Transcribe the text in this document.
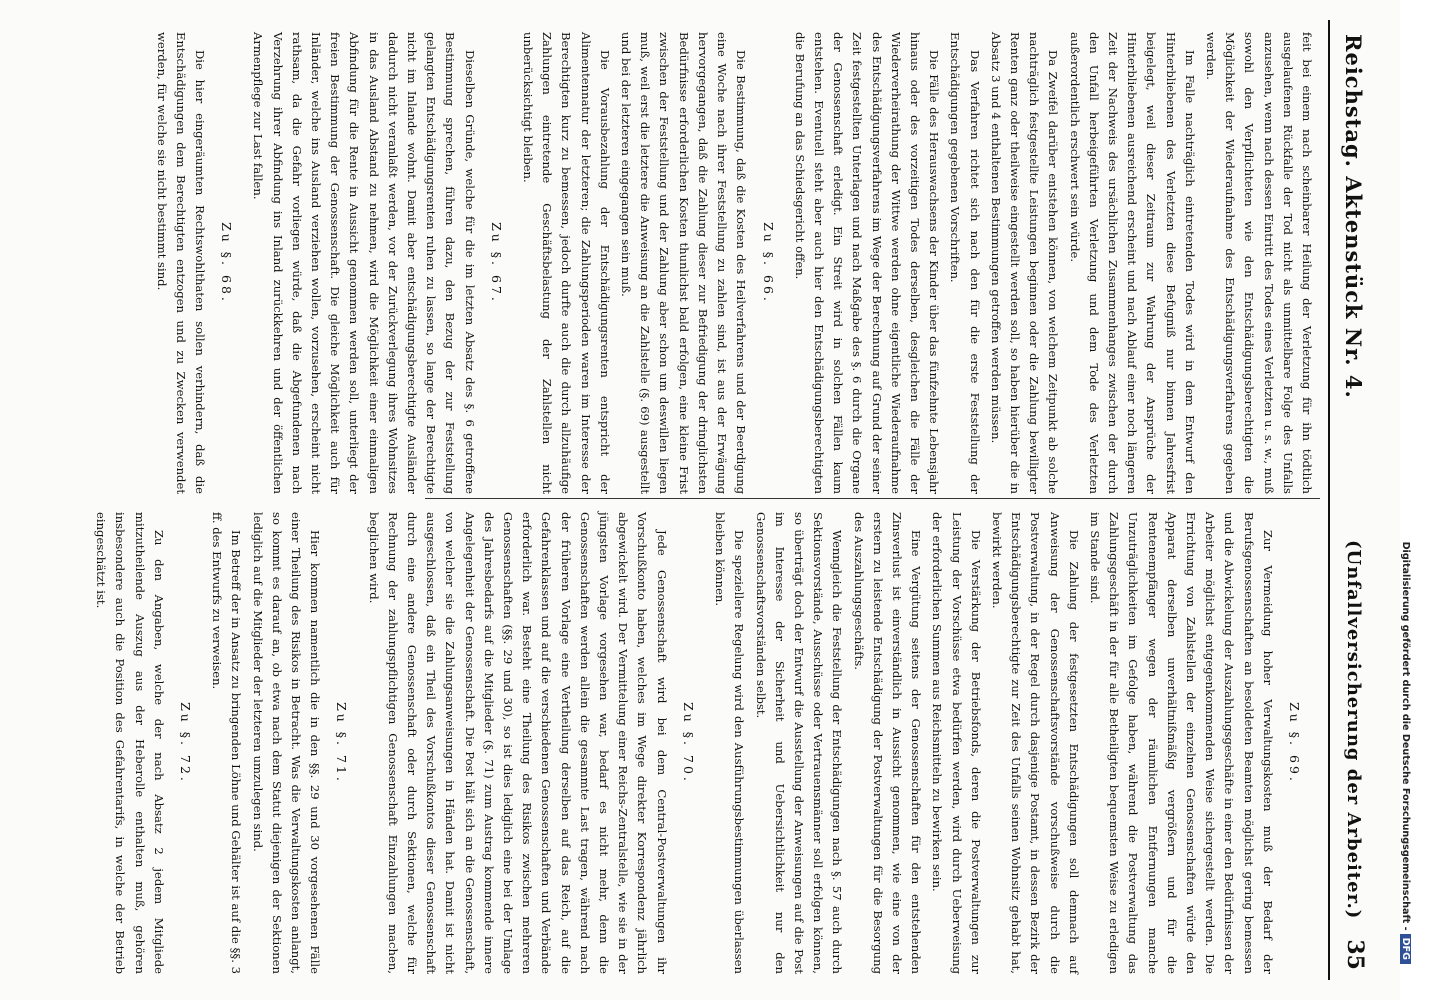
Reichstag. Aktenstück Nr. 4.
(Unfallversicherung der Arbeiter.)
35

feit bei einem nach scheinbarer Heilung der Verletzung für ihn tödtlich ausgelaufenen Rückfalle der Tod nicht als unmittelbare Folge des Unfalls anzusehen, wenn nach dessen Eintritt des Todes eines Verletzten u. s. w., muß sowohl den Verpflichteten wie den Entschädigungsberechtigten die Möglichkeit der Wiederaufnahme des Entschädigungsverfahrens gegeben werden.

Im Falle nachträglich eintretenden Todes wird in dem Entwurf den Hinterbliebenen des Verletzten diese Befugniß nur binnen Jahresfrist beigelegt, weil dieser Zeitraum zur Wahrung der Ansprüche der Hinterbliebenen ausreichend erscheint und nach Ablauf einer noch längeren Zeit der Nachweis des ursächlichen Zusammenhanges zwischen der durch den Unfall herbeigeführten Verletzung und dem Tode des Verletzten außerordentlich erschwert sein würde.

Da Zweifel darüber entstehen können, von welchem Zeitpunkt ab solche nachträglich festgestellte Leistungen beginnen oder die Zahlung bewilligter Renten ganz oder theilweise eingestellt werden soll, so haben hierüber die in Absatz 3 und 4 enthaltenen Bestimmungen getroffen werden müssen.

Das Verfahren richtet sich nach den für die erste Feststellung der Entschädigungen gegebenen Vorschriften.

Die Fälle des Herauswachsens der Kinder über das fünfzehnte Lebensjahr hinaus oder des vorzeitigen Todes derselben, desgleichen die Fälle der Wiederverheirathung der Wittwe werden ohne eigentliche Wiederaufnahme des Entschädigungsverfahrens im Wege der Berechnung auf Grund der seiner Zeit festgestellten Unterlagen und nach Maßgabe des §. 6 durch die Organe der Genossenschaft erledigt. Ein Streit wird in solchen Fällen kaum entstehen. Eventuell steht aber auch hier den Entschädigungsberechtigten die Berufung an das Schiedsgericht offen.

Zu §. 66.

Die Bestimmung, daß die Kosten des Heilverfahrens und der Beerdigung eine Woche nach ihrer Feststellung zu zahlen sind, ist aus der Erwägung hervorgegangen, daß die Zahlung dieser zur Befriedigung der dringlichsten Bedürfnisse erforderlichen Kosten thunlichst bald erfolgen, eine kleine Frist zwischen der Feststellung und der Zahlung aber schon um deswillen liegen muß, weil erst die letztere die Anweisung an die Zahlstelle (§. 69) ausgestellt und bei der letzteren eingegangen sein muß.

Die Vorausbezahlung der Entschädigungsrenten entspricht der Alimentennatur der letzteren; die Zahlungsperioden waren im Interesse der Berechtigten kurz zu bemessen, jedoch durfte auch die durch allzuhäufige Zahlungen eintretende Geschäftsbelastung der Zahlstellen nicht unberücksichtigt bleiben.

Zu §. 67.

Dieselben Gründe, welche für die im letzten Absatz des §. 6 getroffene Bestimmung sprechen, führen dazu, den Bezug der zur Feststellung gelangten Entschädigungsrenten ruhen zu lassen, so lange der Berechtigte nicht im Inlande wohnt. Damit aber entschädigungsberechtigte Ausländer dadurch nicht veranlaßt werden, vor der Zurückverlegung ihres Wohnsitzes in das Ausland Abstand zu nehmen, wird die Möglichkeit einer einmaligen Abfindung für die Rente in Aussicht genommen werden soll, unterliegt der freien Bestimmung der Genossenschaft. Die gleiche Möglichkeit auch für Inländer, welche ins Ausland verziehen wollen, vorzusehen, erscheint nicht rathsam, da die Gefahr vorliegen würde, daß die Abgefundenen nach Verzehrung ihrer Abfindung ins Inland zurückkehren und der öffentlichen Armenpflege zur Last fallen.

Zu §. 68.

Die hier eingeräumten Rechtswohlthaten sollen verhindern, daß die Entschädigungen dem Berechtigten entzogen und zu Zwecken verwendet werden, für welche sie nicht bestimmt sind.

Zu §. 69.

Zur Vermeidung hoher Verwaltungskosten muß der Bedarf der Berufsgenossenschaften an besoldeten Beamten möglichst gering bemessen und die Abwickelung der Auszahlungsgeschäfte in einer den Bedürfnissen der Arbeiter möglichst entgegenkommenden Weise sichergestellt werden. Die Errichtung von Zahlstellen der einzelnen Genossenschaften würde den Apparat derselben unverhältnißmäßig vergrößern und für die Rentenempfänger wegen der räumlichen Entfernungen manche Unzuträglichkeiten im Gefolge haben, während die Postverwaltung das Zahlungsgeschäft in der für alle Betheiligten bequemsten Weise zu erledigen im Stande sind.

Die Zahlung der festgesetzten Entschädigungen soll demnach auf Anweisung der Genossenschaftsvorstände vorschußweise durch die Postverwaltung, in der Regel durch dasjenige Postamt, in dessen Bezirk der Entschädigungsberechtigte zur Zeit des Unfalls seinen Wohnsitz gehabt hat, bewirkt werden.

Die Verstärkung der Betriebsfonds, deren die Postverwaltungen zur Leistung der Vorschüsse etwa bedürfen werden, wird durch Ueberweisung der erforderlichen Summen aus Reichsmitteln zu bewirken sein.

Eine Vergütung seitens der Genossenschaften für den entstehenden Zinsverlust ist einverständlich in Aussicht genommen, wie eine von der erstern zu leistende Entschädigung der Postverwaltungen für die Besorgung des Auszahlungsgeschäfts.

Wenngleich die Feststellung der Entschädigungen nach §. 57 auch durch Sektionsvorstände, Ausschüsse oder Vertrauensmänner soll erfolgen können, so überträgt doch der Entwurf die Ausstellung der Anweisungen auf die Post im Interesse der Sicherheit und Uebersichtlichkeit nur den Genossenschaftsvorständen selbst.

Die speziellere Regelung wird den Ausführungsbestimmungen überlassen bleiben können.

Zu §. 70.

Jede Genossenschaft wird bei dem Central-Postverwaltungen ihr Vorschußkonto haben, welches im Wege direkter Korrespondenz jährlich abgewickelt wird. Der Vermittelung einer Reichs-Zentralstelle, wie sie in der jüngsten Vorlage vorgesehen war, bedarf es nicht mehr, denn die Genossenschaften werden allein die gesammte Last tragen, während nach der früheren Vorlage eine Vertheilung derselben auf das Reich, auf die Gefahrenklassen und auf die verschiedenen Genossenschaften und Verbände erforderlich war. Besteht eine Theilung des Risikos zwischen mehreren Genossenschaften (§§. 29 und 30), so ist dies lediglich eine bei der Umlage des Jahresbedarfs auf die Mitglieder (§. 71) zum Austrag kommende innere Angelegenheit der Genossenschaft. Die Post hält sich an die Genossenschaft, von welcher sie die Zahlungsanweisungen in Händen hat. Damit ist nicht ausgeschlossen, daß ein Theil des Vorschußkontos dieser Genossenschaft durch eine andere Genossenschaft oder durch Sektionen, welche für Rechnung der zahlungspflichtigen Genossenschaft Einzahlungen machen, beglichen wird.

Zu §. 71.

Hier kommen namentlich die in den §§. 29 und 30 vorgesehenen Fälle einer Theilung des Risikos in Betracht. Was die Verwaltungskosten anlangt, so kommt es darauf an, ob etwa nach dem Statut diejenigen der Sektionen lediglich auf die Mitglieder der letzteren umzulegen sind.

Im Betreff der in Ansatz zu bringenden Löhne und Gehälter ist auf die §§. 3 ff. des Entwurfs zu verweisen.

Zu §. 72.

Zu den Angaben, welche der nach Absatz 2 jedem Mitgliede mitzutheilende Auszug aus der Heberolle enthalten muß, gehören insbesondere auch die Position des Gefahrentarifs, in welche der Betrieb eingeschätzt ist.	Digitalisierung gefördert durch die Deutsche Forschungsgemeinschaft -DFG
